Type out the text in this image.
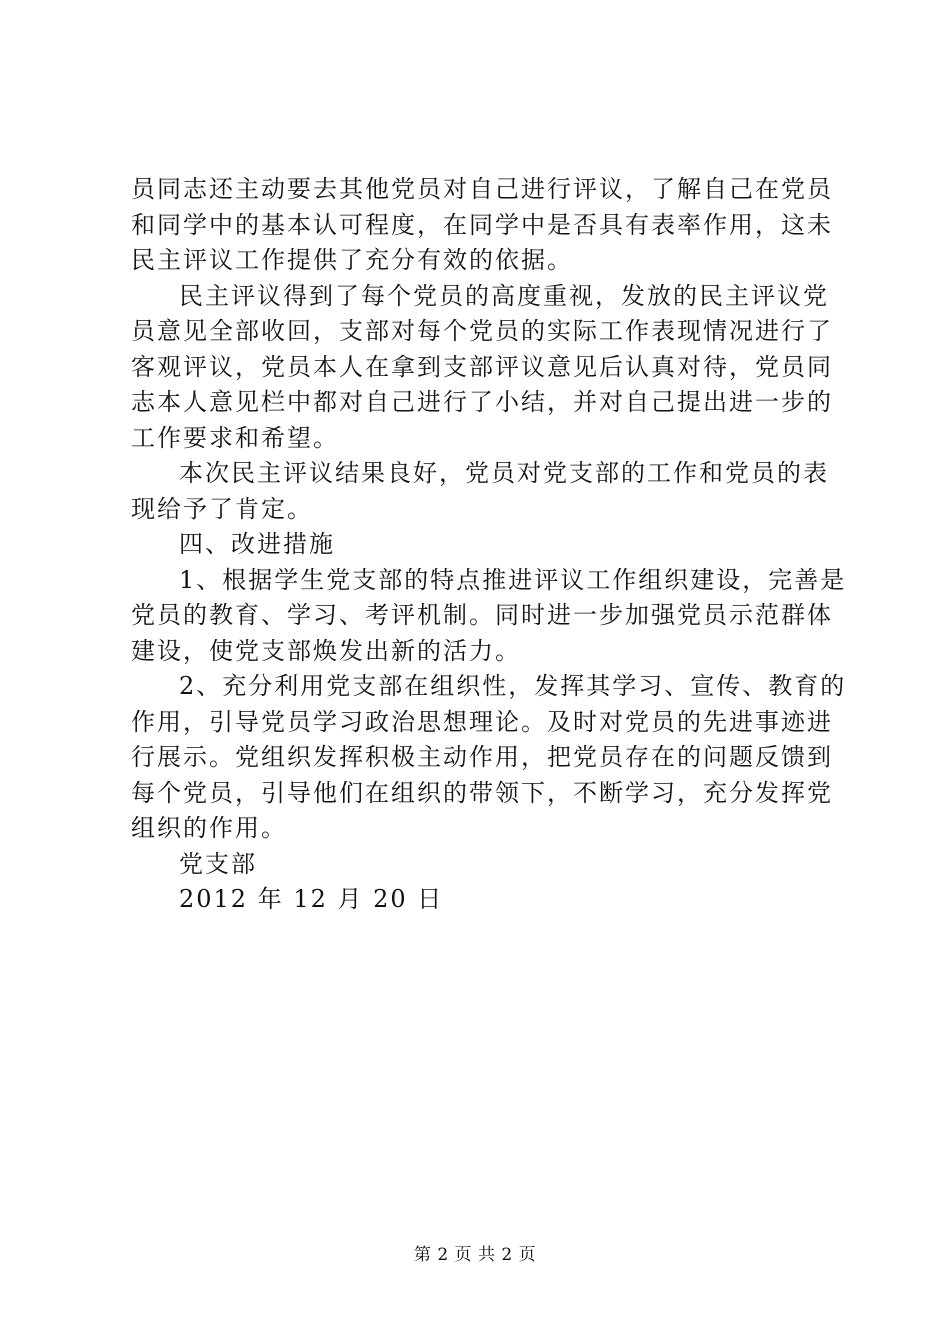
员同志还主动要去其他党员对自己进行评议，了解自己在党员
和同学中的基本认可程度，在同学中是否具有表率作用，这未
民主评议工作提供了充分有效的依据。
民主评议得到了每个党员的高度重视，发放的民主评议党
员意见全部收回，支部对每个党员的实际工作表现情况进行了
客观评议，党员本人在拿到支部评议意见后认真对待，党员同
志本人意见栏中都对自己进行了小结，并对自己提出进一步的
工作要求和希望。
本次民主评议结果良好，党员对党支部的工作和党员的表
现给予了肯定。
四、改进措施
1、根据学生党支部的特点推进评议工作组织建设，完善是
党员的教育、学习、考评机制。同时进一步加强党员示范群体
建设，使党支部焕发出新的活力。
2、充分利用党支部在组织性，发挥其学习、宣传、教育的
作用，引导党员学习政治思想理论。及时对党员的先进事迹进
行展示。党组织发挥积极主动作用，把党员存在的问题反馈到
每个党员，引导他们在组织的带领下，不断学习，充分发挥党
组织的作用。
党支部
2012 年 12 月 20 日
第 2 页 共 2 页
